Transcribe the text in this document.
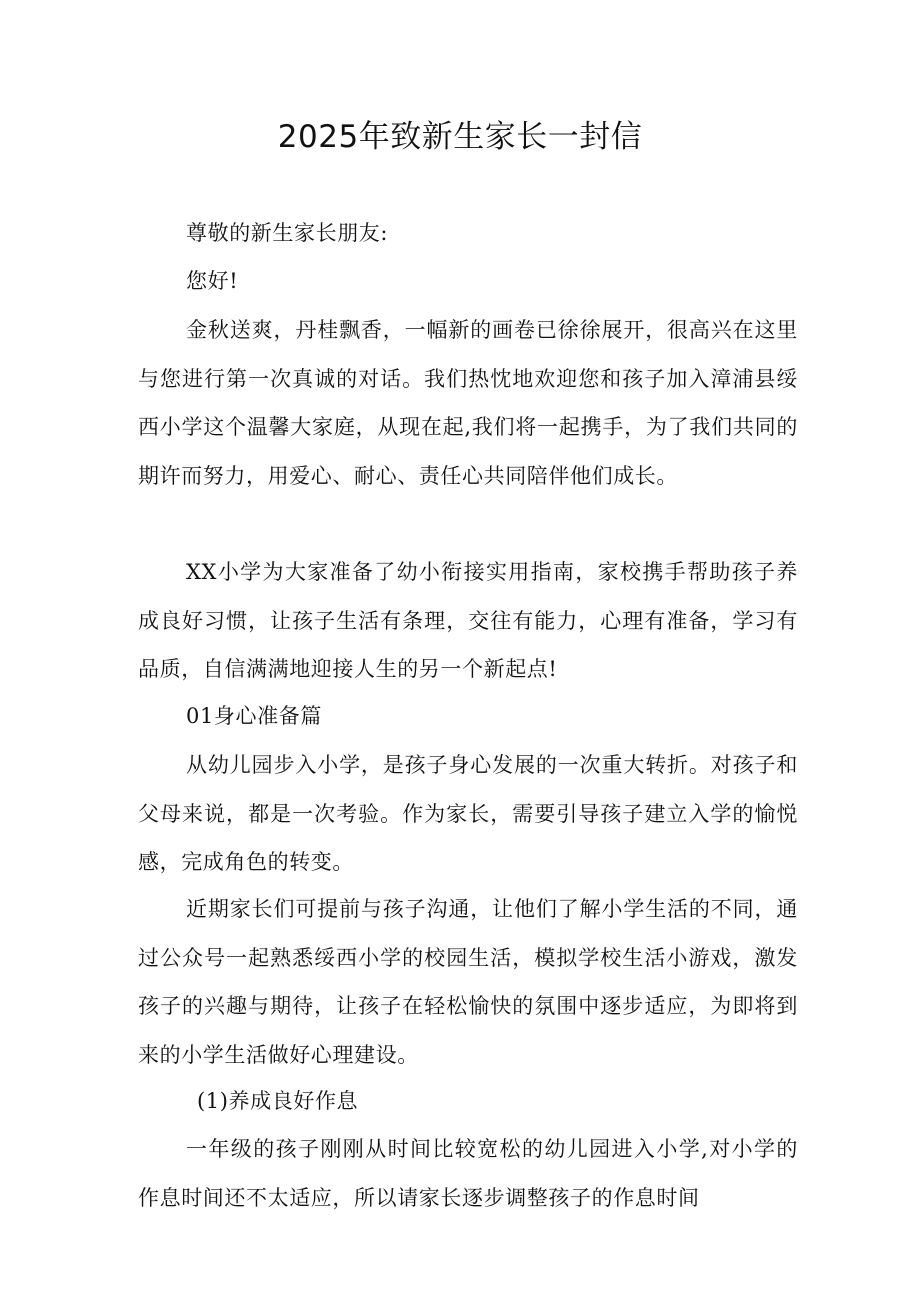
2025年致新生家长一封信

尊敬的新生家长朋友:

您好!

金秋送爽，丹桂飘香，一幅新的画卷已徐徐展开，很高兴在这里与您进行第一次真诚的对话。我们热忱地欢迎您和孩子加入漳浦县绥西小学这个温馨大家庭，从现在起,我们将一起携手，为了我们共同的期许而努力，用爱心、耐心、责任心共同陪伴他们成长。

XX小学为大家准备了幼小衔接实用指南，家校携手帮助孩子养成良好习惯，让孩子生活有条理，交往有能力，心理有准备，学习有品质，自信满满地迎接人生的另一个新起点!

01身心准备篇

从幼儿园步入小学，是孩子身心发展的一次重大转折。对孩子和父母来说，都是一次考验。作为家长，需要引导孩子建立入学的愉悦感，完成角色的转变。

近期家长们可提前与孩子沟通，让他们了解小学生活的不同，通过公众号一起熟悉绥西小学的校园生活，模拟学校生活小游戏，激发孩子的兴趣与期待，让孩子在轻松愉快的氛围中逐步适应，为即将到来的小学生活做好心理建设。

(1)养成良好作息

一年级的孩子刚刚从时间比较宽松的幼儿园进入小学,对小学的作息时间还不太适应，所以请家长逐步调整孩子的作息时间
